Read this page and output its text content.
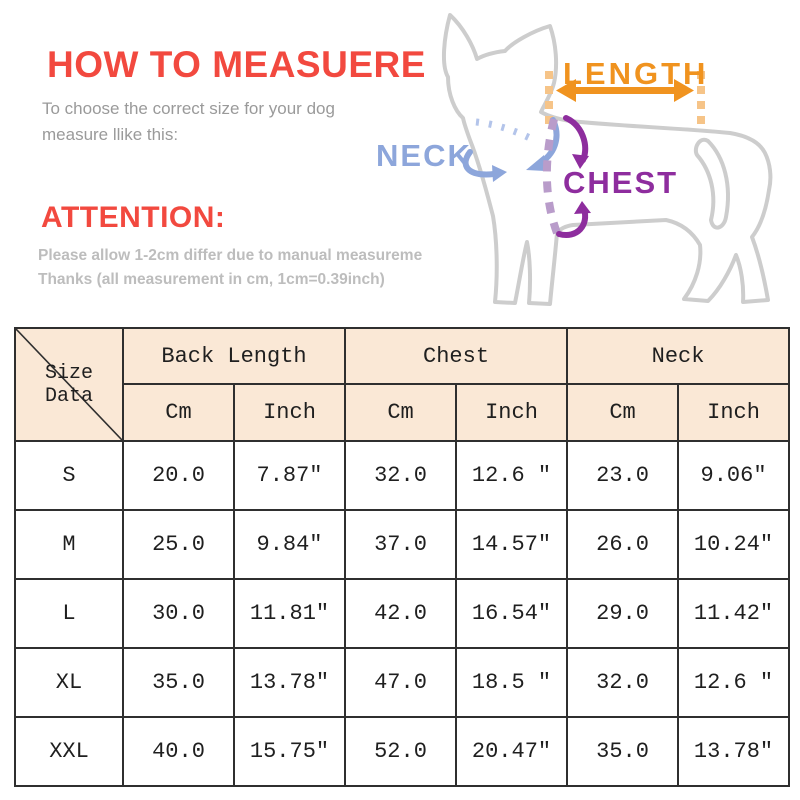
HOW TO MEASUERE
To choose the correct size for your dog
measure llike this:
ATTENTION:
Please allow 1-2cm differ due to manual measureme
Thanks (all measurement in cm, 1cm=0.39inch)
LENGTH
NECK
CHEST
Size Data	Back Length		Chest		Neck	
	Cm	Inch	Cm	Inch	Cm	Inch
S	20.0	7.87″	32.0	12.6 ″	23.0	9.06″
M	25.0	9.84″	37.0	14.57″	26.0	10.24″
L	30.0	11.81″	42.0	16.54″	29.0	11.42″
XL	35.0	13.78″	47.0	18.5 ″	32.0	12.6 ″
XXL	40.0	15.75″	52.0	20.47″	35.0	13.78″
